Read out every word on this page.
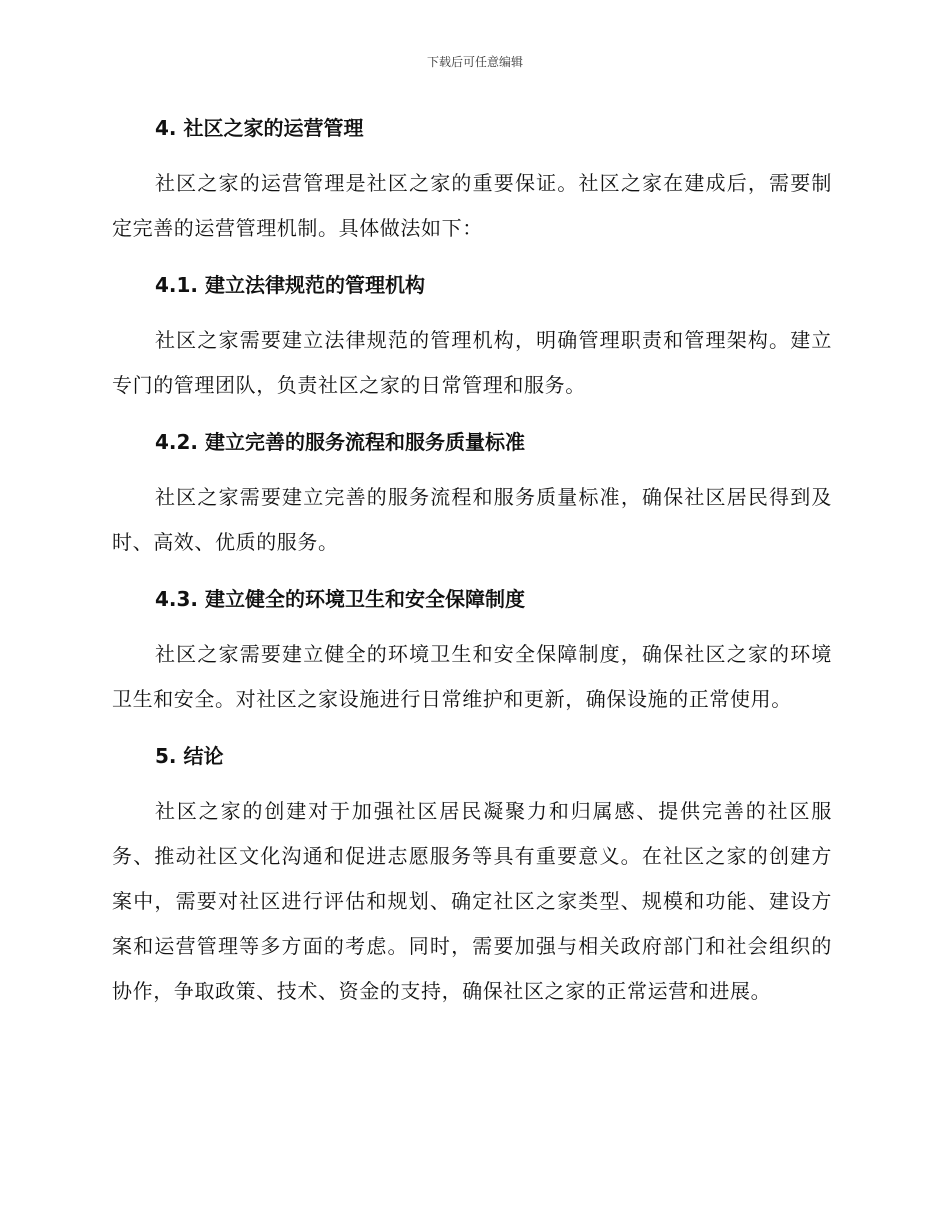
下载后可任意编辑
4. 社区之家的运营管理

社区之家的运营管理是社区之家的重要保证。社区之家在建成后，需要制定完善的运营管理机制。具体做法如下：

4.1. 建立法律规范的管理机构

社区之家需要建立法律规范的管理机构，明确管理职责和管理架构。建立专门的管理团队，负责社区之家的日常管理和服务。

4.2. 建立完善的服务流程和服务质量标准

社区之家需要建立完善的服务流程和服务质量标准，确保社区居民得到及时、高效、优质的服务。

4.3. 建立健全的环境卫生和安全保障制度

社区之家需要建立健全的环境卫生和安全保障制度，确保社区之家的环境卫生和安全。对社区之家设施进行日常维护和更新，确保设施的正常使用。

5. 结论

社区之家的创建对于加强社区居民凝聚力和归属感、提供完善的社区服务、推动社区文化沟通和促进志愿服务等具有重要意义。在社区之家的创建方案中，需要对社区进行评估和规划、确定社区之家类型、规模和功能、建设方案和运营管理等多方面的考虑。同时，需要加强与相关政府部门和社会组织的协作，争取政策、技术、资金的支持，确保社区之家的正常运营和进展。
